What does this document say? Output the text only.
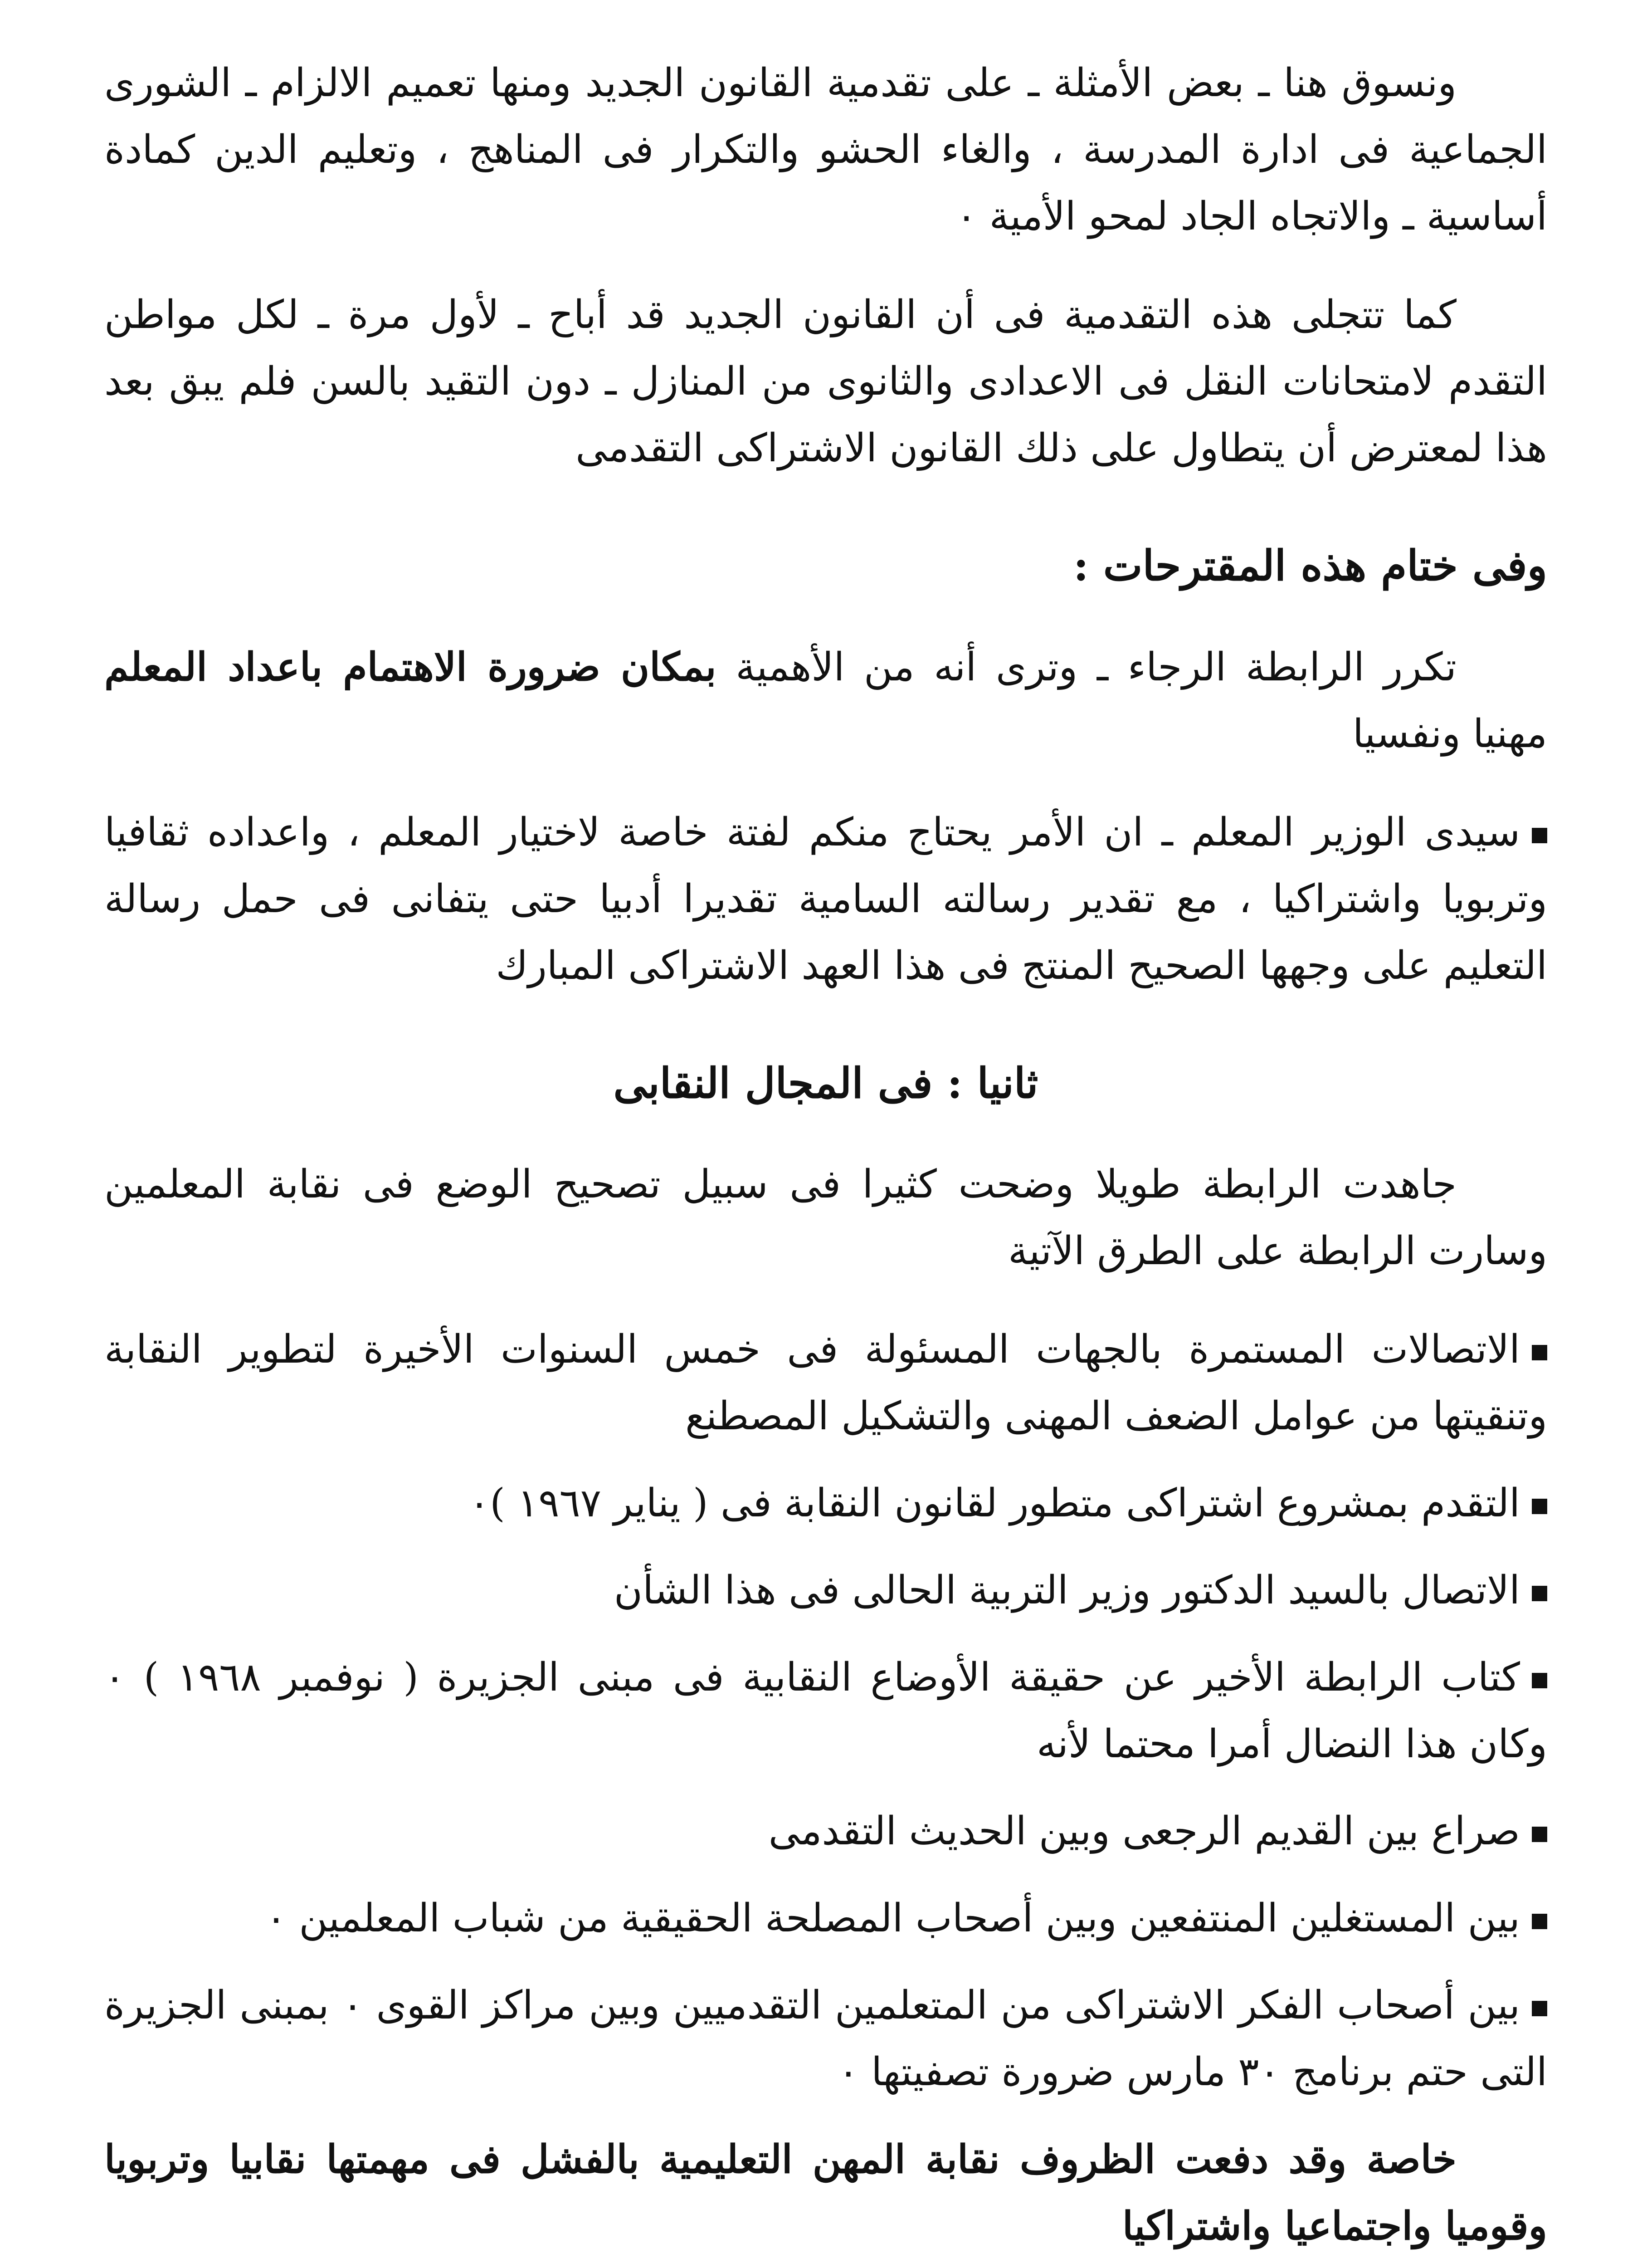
ونسوق هنا ـ بعض الأمثلة ـ على تقدمية القانون الجديد ومنها تعميم الالزام ـ الشورى الجماعية فى ادارة المدرسة ، والغاء الحشو والتكرار فى المناهج ، وتعليم الدين كمادة أساسية ـ والاتجاه الجاد لمحو الأمية ٠

كما تتجلى هذه التقدمية فى أن القانون الجديد قد أباح ـ لأول مرة ـ لكل مواطن التقدم لامتحانات النقل فى الاعدادى والثانوى من المنازل ـ دون التقيد بالسن فلم يبق بعد هذا لمعترض أن يتطاول على ذلك القانون الاشتراكى التقدمى

وفى ختام هذه المقترحات :

تكرر الرابطة الرجاء ـ وترى أنه من الأهمية بمكان ضرورة الاهتمام باعداد المعلم مهنيا ونفسيا

سيدى الوزير المعلم ـ ان الأمر يحتاج منكم لفتة خاصة لاختيار المعلم ، واعداده ثقافيا وتربويا واشتراكيا ، مع تقدير رسالته السامية تقديرا أدبيا حتى يتفانى فى حمل رسالة التعليم على وجهها الصحيح المنتج فى هذا العهد الاشتراكى المبارك

ثانيا : فى المجال النقابى

جاهدت الرابطة طويلا وضحت كثيرا فى سبيل تصحيح الوضع فى نقابة المعلمين وسارت الرابطة على الطرق الآتية

الاتصالات المستمرة بالجهات المسئولة فى خمس السنوات الأخيرة لتطوير النقابة وتنقيتها من عوامل الضعف المهنى والتشكيل المصطنع

التقدم بمشروع اشتراكى متطور لقانون النقابة فى ( يناير ١٩٦٧ )٠

الاتصال بالسيد الدكتور وزير التربية الحالى فى هذا الشأن

كتاب الرابطة الأخير عن حقيقة الأوضاع النقابية فى مبنى الجزيرة ( نوفمبر ١٩٦٨ ) ٠ وكان هذا النضال أمرا محتما لأنه

صراع بين القديم الرجعى وبين الحديث التقدمى

بين المستغلين المنتفعين وبين أصحاب المصلحة الحقيقية من شباب المعلمين ٠

بين أصحاب الفكر الاشتراكى من المتعلمين التقدميين وبين مراكز القوى ٠ بمبنى الجزيرة التى حتم برنامج ٣٠ مارس ضرورة تصفيتها ٠

خاصة وقد دفعت الظروف نقابة المهن التعليمية بالفشل فى مهمتها نقابيا وتربويا وقوميا واجتماعيا واشتراكيا
